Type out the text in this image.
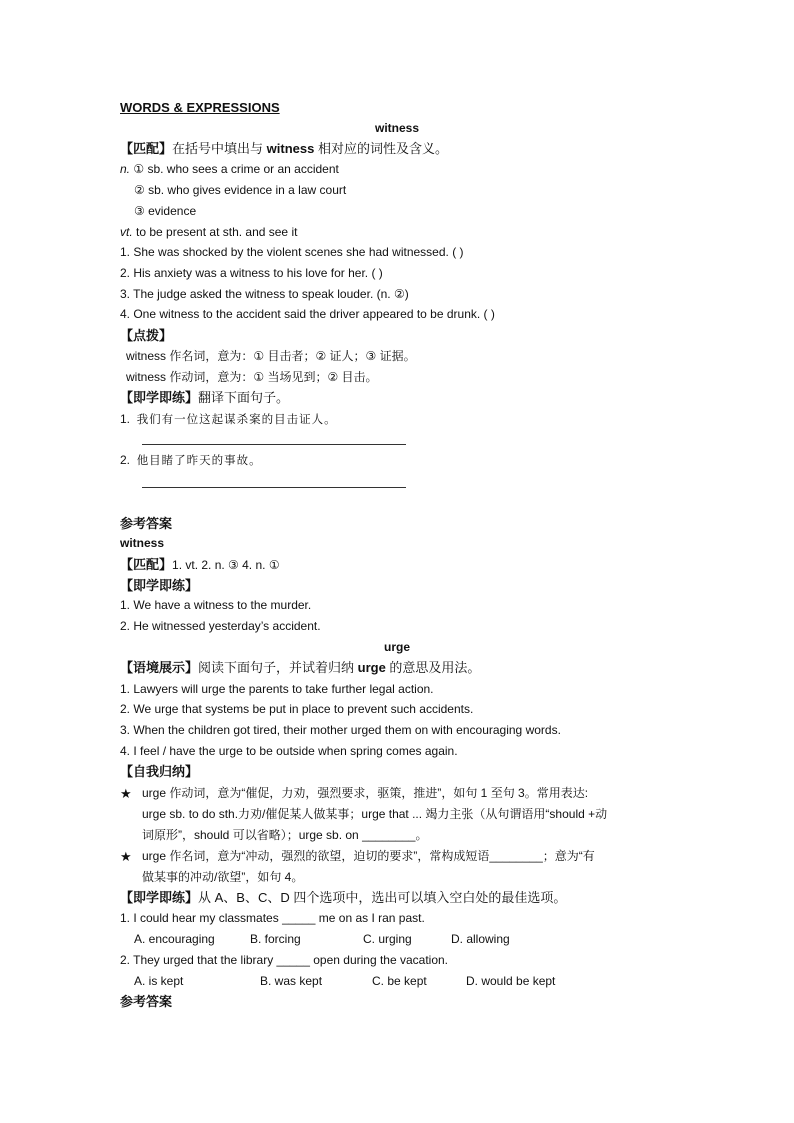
WORDS & EXPRESSIONS
witness
【匹配】在括号中填出与 witness 相对应的词性及含义。
n. ① sb. who sees a crime or an accident
② sb. who gives evidence in a law court
③ evidence
vt. to be present at sth. and see it
1. She was shocked by the violent scenes she had witnessed. ( )
2. His anxiety was a witness to his love for her. ( )
3. The judge asked the witness to speak louder. (n. ②)
4. One witness to the accident said the driver appeared to be drunk. ( )
【点拨】
witness 作名词，意为：① 目击者；② 证人；③ 证据。
witness 作动词，意为：① 当场见到；② 目击。
【即学即练】翻译下面句子。
1. 我们有一位这起谋杀案的目击证人。
2. 他目睹了昨天的事故。
参考答案
witness
【匹配】1. vt. 2. n. ③ 4. n. ①
【即学即练】
1. We have a witness to the murder.
2. He witnessed yesterday’s accident.
urge
【语境展示】阅读下面句子，并试着归纳 urge 的意思及用法。
1. Lawyers will urge the parents to take further legal action.
2. We urge that systems be put in place to prevent such accidents.
3. When the children got tired, their mother urged them on with encouraging words.
4. I feel / have the urge to be outside when spring comes again.
【自我归纳】
★ urge 作动词，意为“催促，力劝，强烈要求，驱策，推进”，如句 1 至句 3。常用表达:
urge sb. to do sth.力劝/催促某人做某事；urge that ... 竭力主张（从句谓语用“should +动
词原形”，should 可以省略）；urge sb. on ________。
★ urge 作名词，意为“冲动，强烈的欲望，迫切的要求”，常构成短语________；意为“有
做某事的冲动/欲望”，如句 4。
【即学即练】从 A、B、C、D 四个选项中，选出可以填入空白处的最佳选项。
1. I could hear my classmates _____ me on as I ran past.
A. encouraging	B. forcing	C. urging	D. allowing
2. They urged that the library _____ open during the vacation.
A. is kept	B. was kept	C. be kept	D. would be kept
参考答案
